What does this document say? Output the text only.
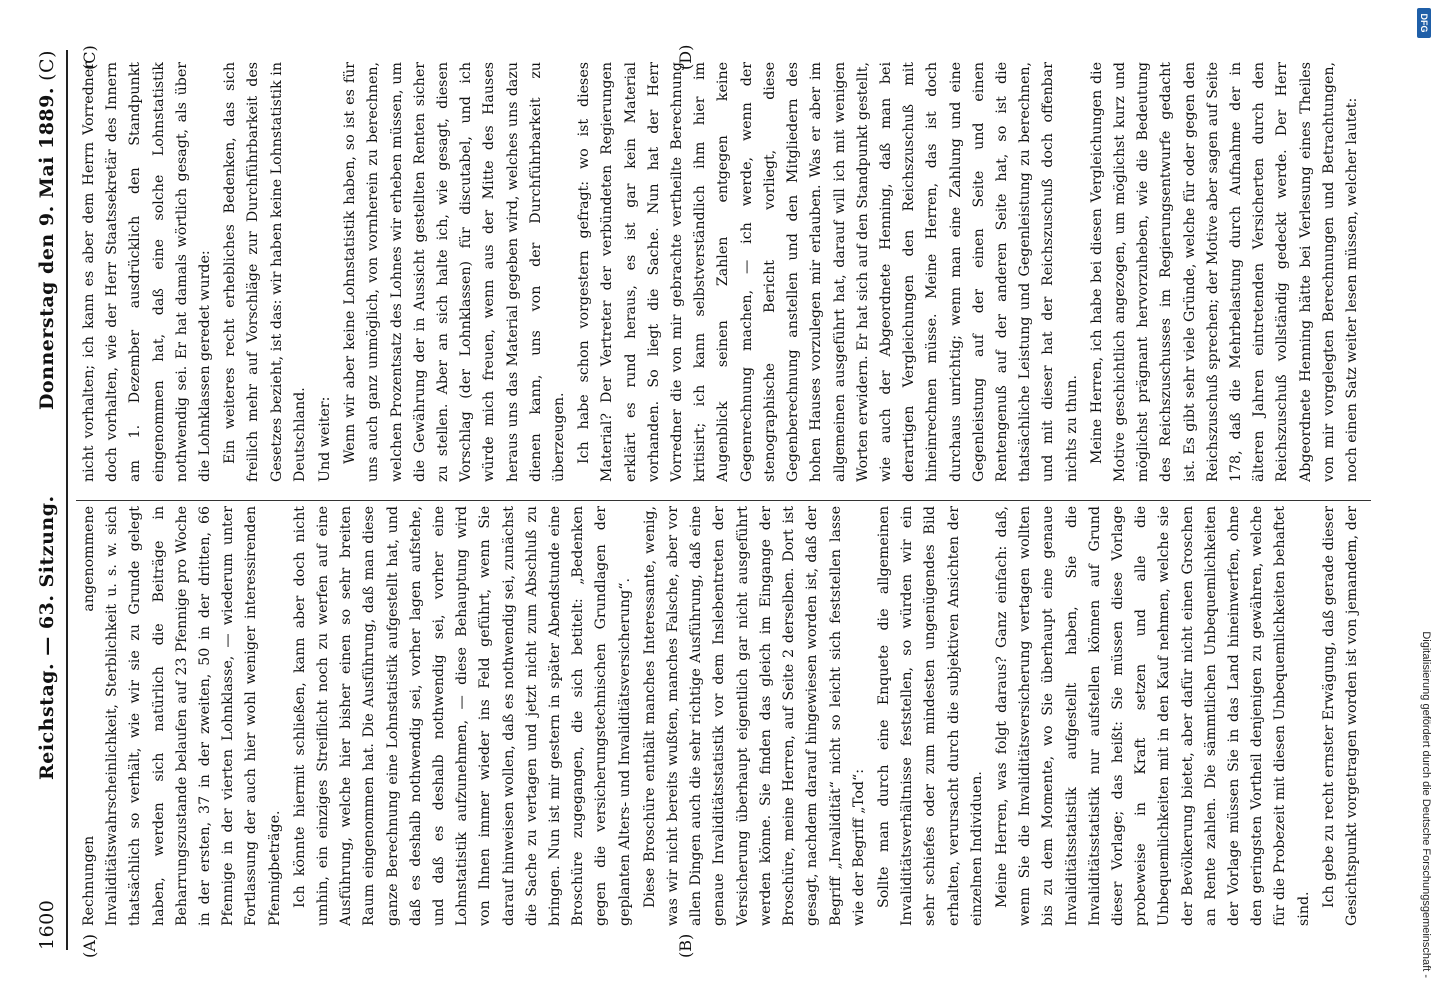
1600
Reichstag. — 63. Sitzung.
Donnerstag den 9. Mai 1889.
(C)
(A)	(B)
(C)	(D)

Rechnungen angenommene Invaliditätswahrscheinlichkeit, Sterblichkeit u. s. w. sich thatsächlich so verhält, wie wir sie zu Grunde gelegt haben, werden sich natürlich die Beiträge in Beharrungszustande belaufen auf 23 Pfennige pro Woche in der ersten, 37 in der zweiten, 50 in der dritten, 66 Pfennige in der vierten Lohnklasse, — wiederum unter Fortlassung der auch hier wohl weniger interessirenden Pfennigbeträge. Ich könnte hiermit schließen, kann aber doch nicht umhin, ein einziges Streiflicht noch zu werfen auf eine Ausführung, welche hier bisher einen so sehr breiten Raum eingenommen hat. Die Ausführung, daß man diese ganze Berechnung eine Lohnstatistik aufgestellt hat, und daß es deshalb nothwendig sei, vorher lagen aufstehe, und daß es deshalb nothwendig sei, vorher eine Lohnstatistik aufzunehmen, — diese Behauptung wird von Ihnen immer wieder ins Feld geführt, wenn Sie darauf hinweisen wollen, daß es nothwendig sei, zunächst die Sache zu vertagen und jetzt nicht zum Abschluß zu bringen. Nun ist mir gestern in später Abendstunde eine Broschüre zugegangen, die sich betitelt: „Bedenken gegen die versicherungstechnischen Grundlagen der geplanten Alters- und Invaliditätsversicherung“. Diese Broschüre enthält manches Interessante, wenig, was wir nicht bereits wußten, manches Falsche, aber vor allen Dingen auch die sehr richtige Ausführung, daß eine genaue Invaliditätsstatistik vor dem Inslebentreten der Versicherung überhaupt eigentlich gar nicht ausgeführt werden könne. Sie finden das gleich im Eingange der Broschüre, meine Herren, auf Seite 2 derselben. Dort ist gesagt, nachdem darauf hingewiesen worden ist, daß der Begriff „Invalidität“ nicht so leicht sich feststellen lasse wie der Begriff „Tod“: Sollte man durch eine Enquete die allgemeinen Invaliditätsverhältnisse feststellen, so würden wir ein sehr schiefes oder zum mindesten ungenügendes Bild erhalten, verursacht durch die subjektiven Ansichten der einzelnen Individuen. Meine Herren, was folgt daraus? Ganz einfach: daß, wenn Sie die Invaliditätsversicherung vertagen wollten bis zu dem Momente, wo Sie überhaupt eine genaue Invaliditätsstatistik aufgestellt haben, Sie die Invaliditätsstatistik nur aufstellen können auf Grund dieser Vorlage; das heißt: Sie müssen diese Vorlage probeweise in Kraft setzen und alle die Unbequemlichkeiten mit in den Kauf nehmen, welche sie der Bevölkerung bietet, aber dafür nicht einen Groschen an Rente zahlen. Die sämmtlichen Unbequemlichkeiten der Vorlage müssen Sie in das Land hineinwerfen, ohne den geringsten Vortheil denjenigen zu gewähren, welche für die Probezeit mit diesen Unbequemlichkeiten behaftet sind. Ich gebe zu recht ernster Erwägung, daß gerade dieser Gesichtspunkt vorgetragen worden ist von jemandem, der

nicht vorhalten; ich kann es aber dem Herrn Vorredner doch vorhalten, wie der Herr Staatssekretär des Innern am 1. Dezember ausdrücklich den Standpunkt eingenommen hat, daß eine solche Lohnstatistik nothwendig sei. Er hat damals wörtlich gesagt, als über die Lohnklassen geredet wurde: Ein weiteres recht erhebliches Bedenken, das sich freilich mehr auf Vorschläge zur Durchführbarkeit des Gesetzes bezieht, ist das: wir haben keine Lohnstatistik in Deutschland. Und weiter: Wenn wir aber keine Lohnstatistik haben, so ist es für uns auch ganz unmöglich, von vornherein zu berechnen, welchen Prozentsatz des Lohnes wir erheben müssen, um die Gewährung der in Aussicht gestellten Renten sicher zu stellen. Aber an sich halte ich, wie gesagt, diesen Vorschlag (der Lohnklassen) für discutabel, und ich würde mich freuen, wenn aus der Mitte des Hauses heraus uns das Material gegeben wird, welches uns dazu dienen kann, uns von der Durchführbarkeit zu überzeugen. Ich habe schon vorgestern gefragt: wo ist dieses Material? Der Vertreter der verbündeten Regierungen erklärt es rund heraus, es ist gar kein Material vorhanden. So liegt die Sache. Nun hat der Herr Vorredner die von mir gebrachte vertheilte Berechnung kritisirt; ich kann selbstverständlich ihm hier im Augenblick seinen Zahlen entgegen keine Gegenrechnung machen, — ich werde, wenn der stenographische Bericht vorliegt, diese Gegenberechnung anstellen und den Mitgliedern des hohen Hauses vorzulegen mir erlauben. Was er aber im allgemeinen ausgeführt hat, darauf will ich mit wenigen Worten erwidern. Er hat sich auf den Standpunkt gestellt, wie auch der Abgeordnete Henning, daß man bei derartigen Vergleichungen den Reichszuschuß mit hineinrechnen müsse. Meine Herren, das ist doch durchaus unrichtig; wenn man eine Zahlung und eine Gegenleistung auf der einen Seite und einen Rentengenuß auf der anderen Seite hat, so ist die thatsächliche Leistung und Gegenleistung zu berechnen, und mit dieser hat der Reichszuschuß doch offenbar nichts zu thun. Meine Herren, ich habe bei diesen Vergleichungen die Motive geschichtlich angezogen, um möglichst kurz und möglichst prägnant hervorzuheben, wie die Bedeutung des Reichszuschusses im Regierungsentwurfe gedacht ist. Es gibt sehr viele Gründe, welche für oder gegen den Reichszuschuß sprechen; der Motive aber sagen auf Seite 178, daß die Mehrbelastung durch Aufnahme der in älteren Jahren eintretenden Versicherten durch den Reichszuschuß vollständig gedeckt werde. Der Herr Abgeordnete Henning hätte bei Verlesung eines Theiles von mir vorgelegten Berechnungen und Betrachtungen, noch einen Satz weiter lesen müssen, welcher lautet:

Digitalisierung gefördert durch die Deutsche Forschungsgemeinschaft -
DFG
